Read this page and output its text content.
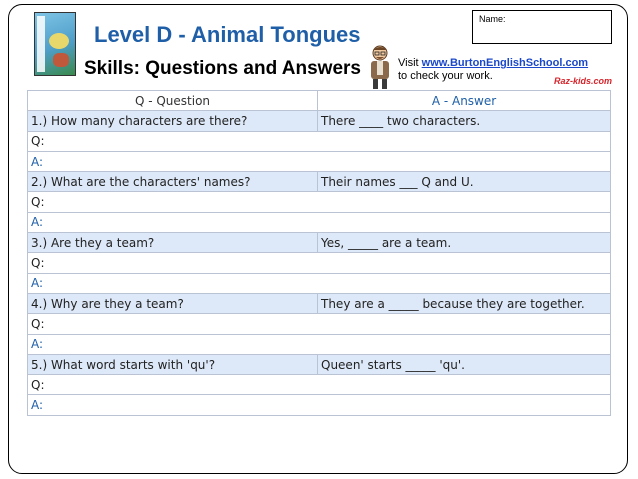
Level D - Animal Tongues
Skills: Questions and Answers
Name:
Visit www.BurtonEnglishSchool.com
to check your work.	Raz-kids.com
Q - Question	A - Answer
1.) How many characters are there?	There ____ two characters.
Q:	
A:	
2.) What are the characters' names?	Their names ___ Q and U.
Q:	
A:	
3.) Are they a team?	Yes, _____ are a team.
Q:	
A:	
4.) Why are they a team?	They are a _____ because they are together.
Q:	
A:	
5.) What word starts with 'qu'?	Queen' starts _____ 'qu'.
Q:	
A:	
